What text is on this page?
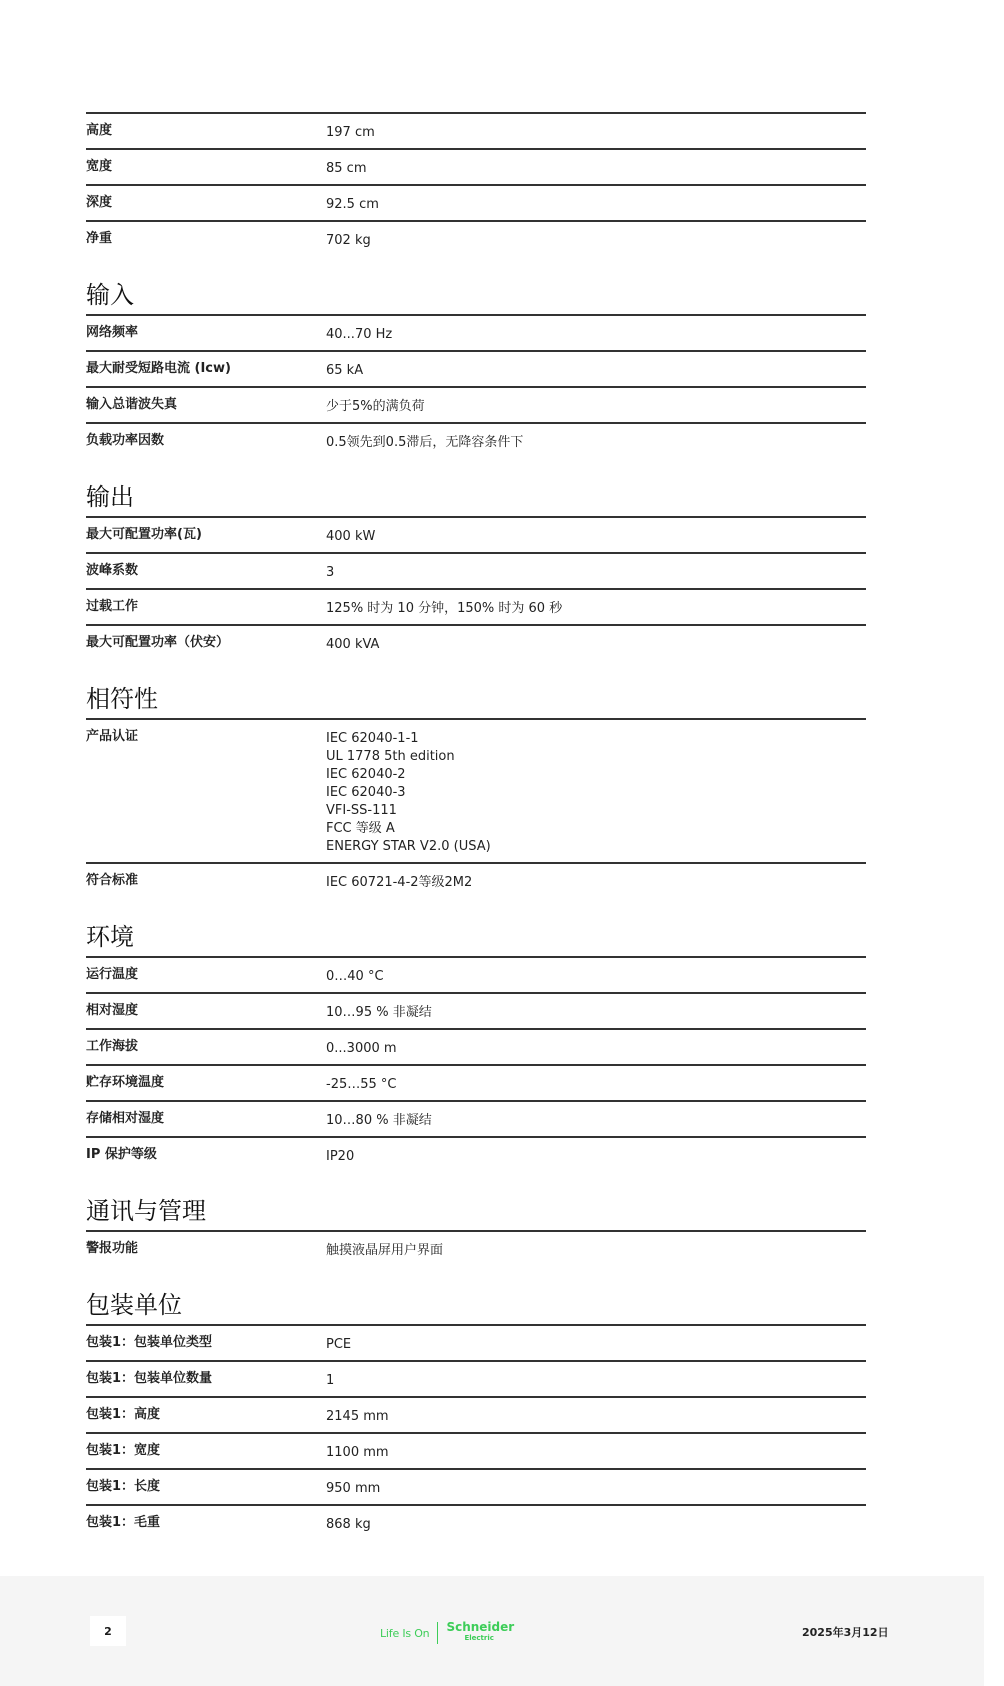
高度	197 cm
宽度	85 cm
深度	92.5 cm
净重	702 kg
输入
网络频率	40...70 Hz
最大耐受短路电流 (Icw)	65 kA
输入总谐波失真	少于5%的满负荷
负载功率因数	0.5领先到0.5滞后，无降容条件下
输出
最大可配置功率(瓦)	400 kW
波峰系数	3
过载工作	125% 时为 10 分钟，150% 时为 60 秒
最大可配置功率（伏安）	400 kVA
相符性
产品认证	IEC 62040-1-1
UL 1778 5th edition
IEC 62040-2
IEC 62040-3
VFI-SS-111
FCC 等级 A
ENERGY STAR V2.0 (USA)
符合标准	IEC 60721-4-2等级2M2
环境
运行温度	0…40 °C
相对湿度	10…95 % 非凝结
工作海拔	0...3000 m
贮存环境温度	-25…55 °C
存储相对湿度	10…80 % 非凝结
IP 保护等级	IP20
通讯与管理
警报功能	触摸液晶屏用户界面
包装单位
包装1：包装单位类型	PCE
包装1：包装单位数量	1
包装1：高度	2145 mm
包装1：宽度	1100 mm
包装1：长度	950 mm
包装1：毛重	868 kg
2	Life Is On Schneider
Electric	2025年3月12日
